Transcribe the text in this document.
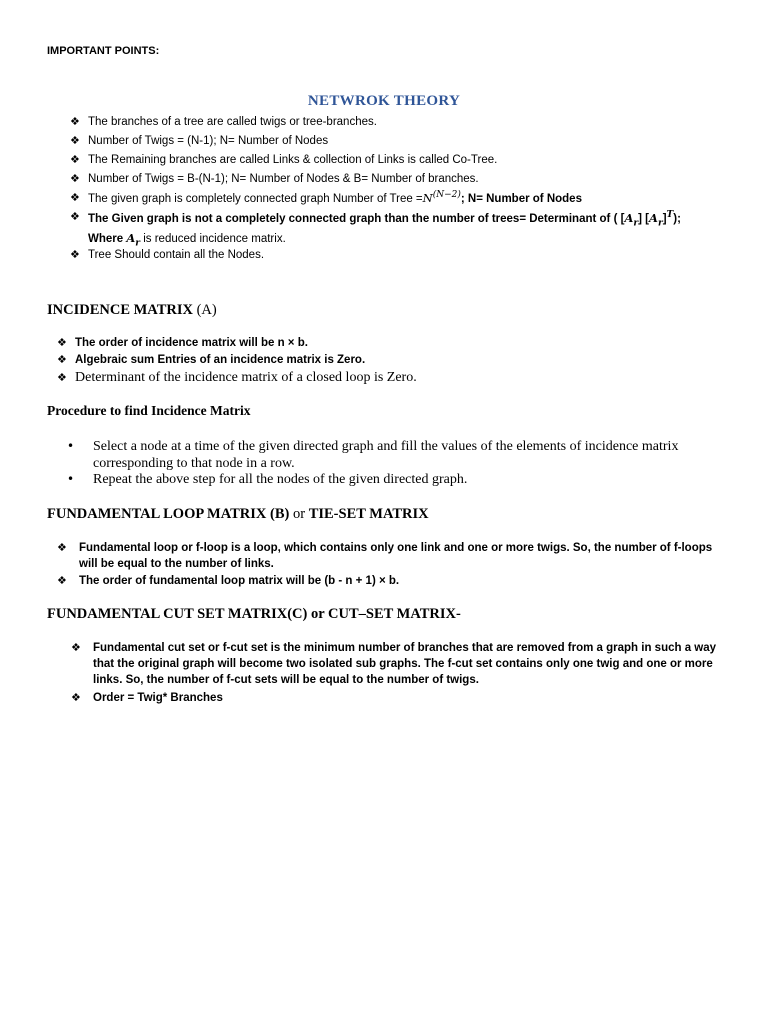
IMPORTANT POINTS:
NETWROK THEORY
❖ The branches of a tree are called twigs or tree-branches.
❖ Number of Twigs = (N-1); N= Number of Nodes
❖ The Remaining branches are called Links & collection of Links is called Co-Tree.
❖ Number of Twigs = B-(N-1); N= Number of Nodes & B= Number of branches.
❖ The given graph is completely connected graph Number of Tree $=N^{(N-2)}$; N= Number of Nodes
❖ The Given graph is not a completely connected graph than the number of trees= Determinant of ( $[A_r]$ $[A_r]^T$); Where $A_r$ is reduced incidence matrix.
❖ Tree Should contain all the Nodes.
INCIDENCE MATRIX (A)
❖ The order of incidence matrix will be n × b.
❖ Algebraic sum Entries of an incidence matrix is Zero.
❖ Determinant of the incidence matrix of a closed loop is Zero.
Procedure to find Incidence Matrix
•	Select a node at a time of the given directed graph and fill the values of the elements of incidence matrix corresponding to that node in a row.
•	Repeat the above step for all the nodes of the given directed graph.
FUNDAMENTAL LOOP MATRIX (B) or TIE-SET MATRIX
❖	Fundamental loop or f-loop is a loop, which contains only one link and one or more twigs. So, the number of f-loops will be equal to the number of links.
❖	The order of fundamental loop matrix will be (b - n + 1) × b.
FUNDAMENTAL CUT SET MATRIX(C) or CUT–SET MATRIX-
❖	Fundamental cut set or f-cut set is the minimum number of branches that are removed from a graph in such a way that the original graph will become two isolated sub graphs. The f-cut set contains only one twig and one or more links. So, the number of f-cut sets will be equal to the number of twigs.
❖	Order = Twig* Branches
